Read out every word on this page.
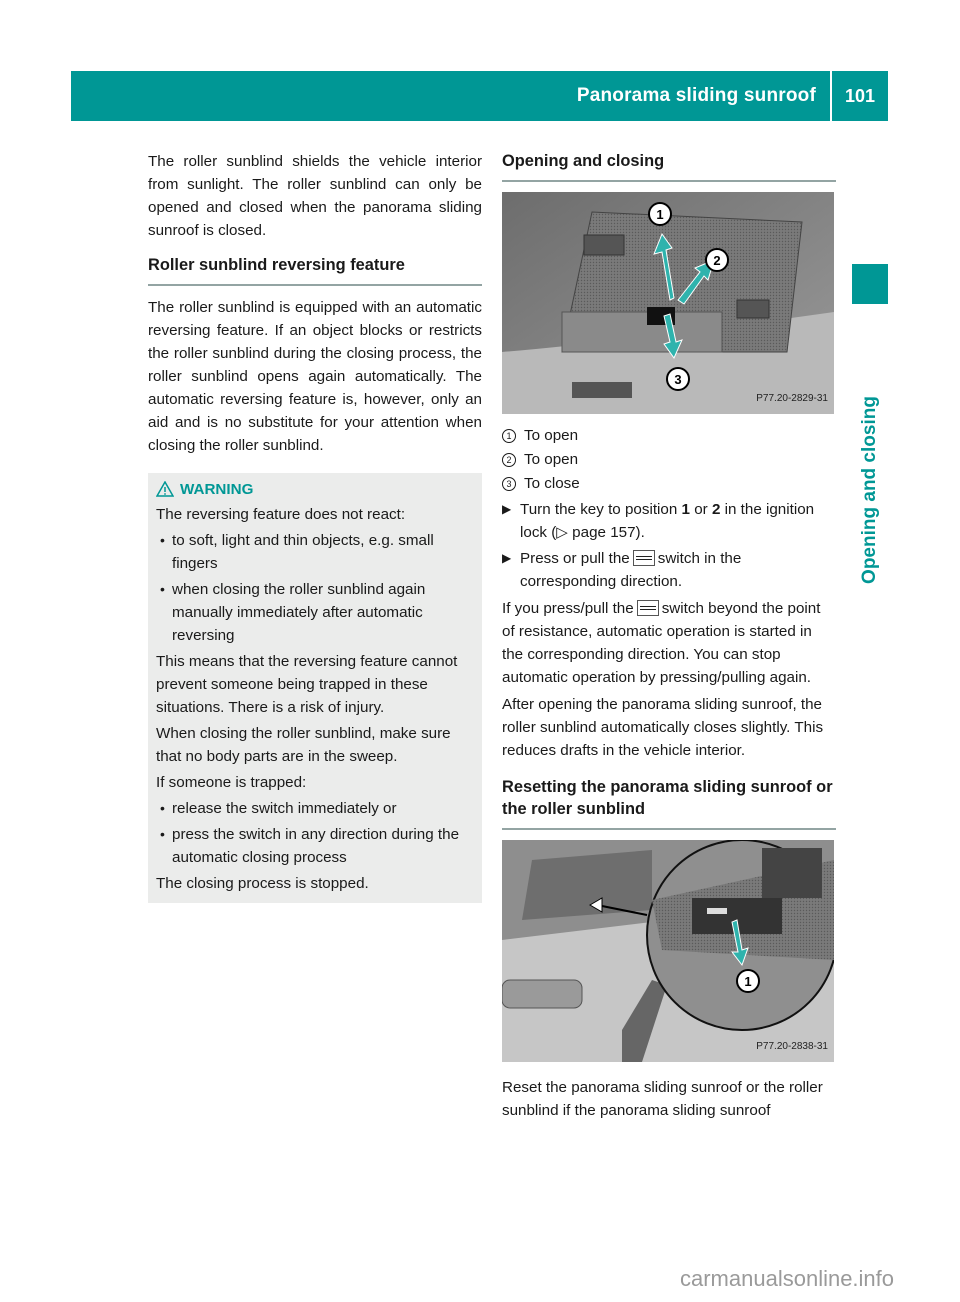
Panorama sliding sunroof	101
Opening and closing

The roller sunblind shields the vehicle interior from sunlight. The roller sunblind can only be opened and closed when the panorama sliding sunroof is closed.

Roller sunblind reversing feature

The roller sunblind is equipped with an automatic reversing feature. If an object blocks or restricts the roller sunblind during the closing process, the roller sunblind opens again automatically. The automatic reversing feature is, however, only an aid and is no substitute for your attention when closing the roller sunblind.

WARNING

The reversing feature does not react:

• to soft, light and thin objects, e.g. small fingers
• when closing the roller sunblind again manually immediately after automatic reversing

This means that the reversing feature cannot prevent someone being trapped in these situations. There is a risk of injury.

When closing the roller sunblind, make sure that no body parts are in the sweep.

If someone is trapped:

• release the switch immediately or
• press the switch in any direction during the automatic closing process

The closing process is stopped.

Opening and closing
1
2
3
P77.20-2829-31
1 To open
2 To open
3 To close
▶ Turn the key to position 1 or 2 in the ignition lock (▷ page 157).
▶ Press or pull the switch in the corresponding direction.

If you press/pull the switch beyond the point of resistance, automatic operation is started in the corresponding direction. You can stop automatic operation by pressing/pulling again.

After opening the panorama sliding sunroof, the roller sunblind automatically closes slightly. This reduces drafts in the vehicle interior.

Resetting the panorama sliding sunroof or the roller sunblind
1
P77.20-2838-31

Reset the panorama sliding sunroof or the roller sunblind if the panorama sliding sunroof

carmanualsonline.info
